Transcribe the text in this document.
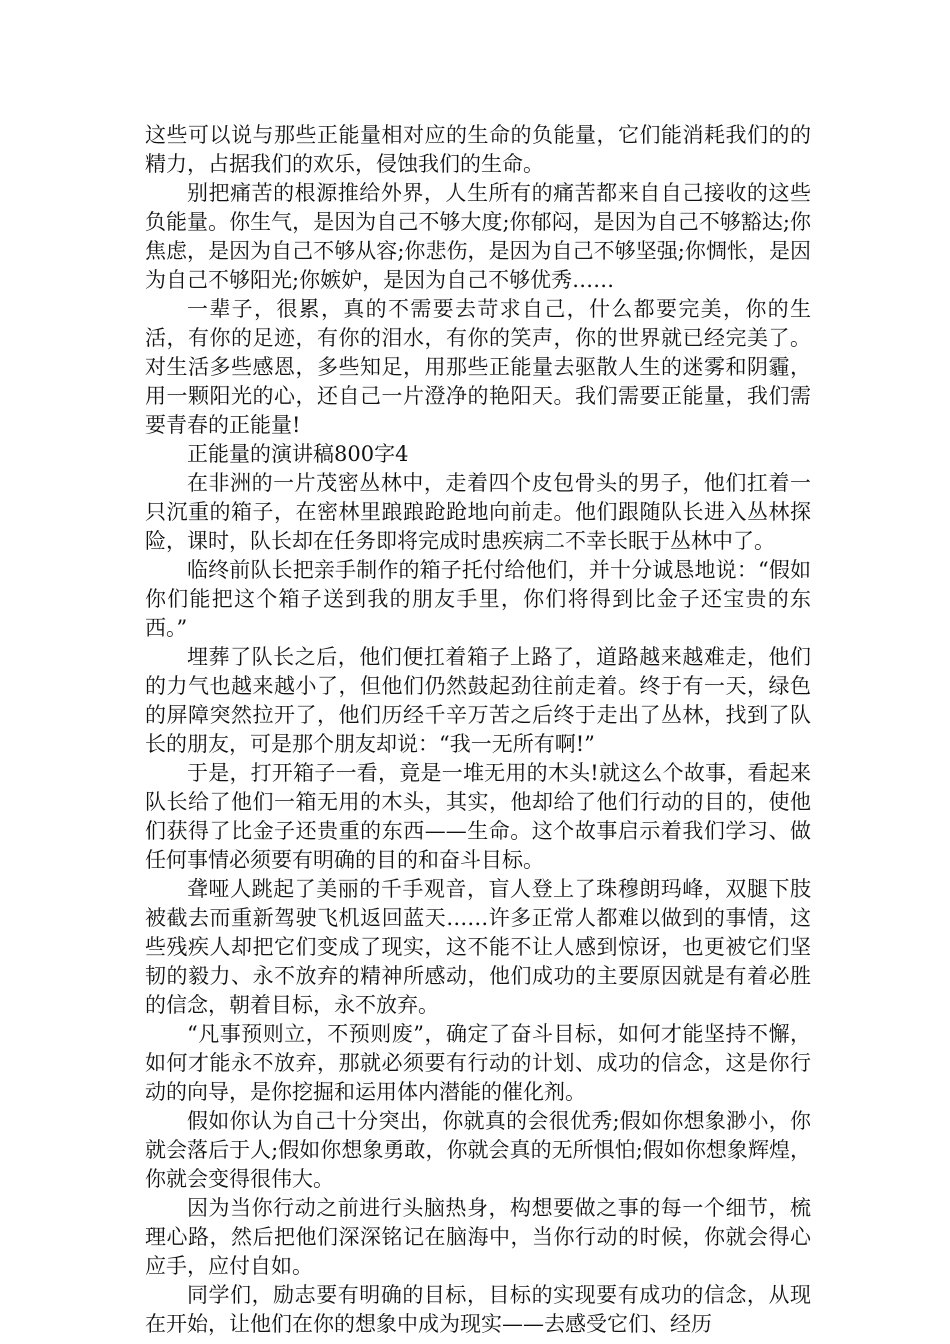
这些可以说与那些正能量相对应的生命的负能量，它们能消耗我们的的精力，占据我们的欢乐，侵蚀我们的生命。

别把痛苦的根源推给外界，人生所有的痛苦都来自自己接收的这些负能量。你生气，是因为自己不够大度;你郁闷，是因为自己不够豁达;你焦虑，是因为自己不够从容;你悲伤，是因为自己不够坚强;你惆怅，是因为自己不够阳光;你嫉妒，是因为自己不够优秀……

一辈子，很累，真的不需要去苛求自己，什么都要完美，你的生活，有你的足迹，有你的泪水，有你的笑声，你的世界就已经完美了。对生活多些感恩，多些知足，用那些正能量去驱散人生的迷雾和阴霾，用一颗阳光的心，还自己一片澄净的艳阳天。我们需要正能量，我们需要青春的正能量!

正能量的演讲稿800字4

在非洲的一片茂密丛林中，走着四个皮包骨头的男子，他们扛着一只沉重的箱子，在密林里踉踉跄跄地向前走。他们跟随队长进入丛林探险，课时，队长却在任务即将完成时患疾病二不幸长眠于丛林中了。

临终前队长把亲手制作的箱子托付给他们，并十分诚恳地说：“假如你们能把这个箱子送到我的朋友手里，你们将得到比金子还宝贵的东西。”

埋葬了队长之后，他们便扛着箱子上路了，道路越来越难走，他们的力气也越来越小了，但他们仍然鼓起劲往前走着。终于有一天，绿色的屏障突然拉开了，他们历经千辛万苦之后终于走出了丛林，找到了队长的朋友，可是那个朋友却说：“我一无所有啊!”

于是，打开箱子一看，竟是一堆无用的木头!就这么个故事，看起来队长给了他们一箱无用的木头，其实，他却给了他们行动的目的，使他们获得了比金子还贵重的东西——生命。这个故事启示着我们学习、做任何事情必须要有明确的目的和奋斗目标。

聋哑人跳起了美丽的千手观音，盲人登上了珠穆朗玛峰，双腿下肢被截去而重新驾驶飞机返回蓝天……许多正常人都难以做到的事情，这些残疾人却把它们变成了现实，这不能不让人感到惊讶，也更被它们坚韧的毅力、永不放弃的精神所感动，他们成功的主要原因就是有着必胜的信念，朝着目标，永不放弃。

“凡事预则立，不预则废”，确定了奋斗目标，如何才能坚持不懈，如何才能永不放弃，那就必须要有行动的计划、成功的信念，这是你行动的向导，是你挖掘和运用体内潜能的催化剂。

假如你认为自己十分突出，你就真的会很优秀;假如你想象渺小，你就会落后于人;假如你想象勇敢，你就会真的无所惧怕;假如你想象辉煌，你就会变得很伟大。

因为当你行动之前进行头脑热身，构想要做之事的每一个细节，梳理心路，然后把他们深深铭记在脑海中，当你行动的时候，你就会得心应手，应付自如。

同学们，励志要有明确的目标，目标的实现要有成功的信念，从现在开始，让他们在你的想象中成为现实——去感受它们、经历
